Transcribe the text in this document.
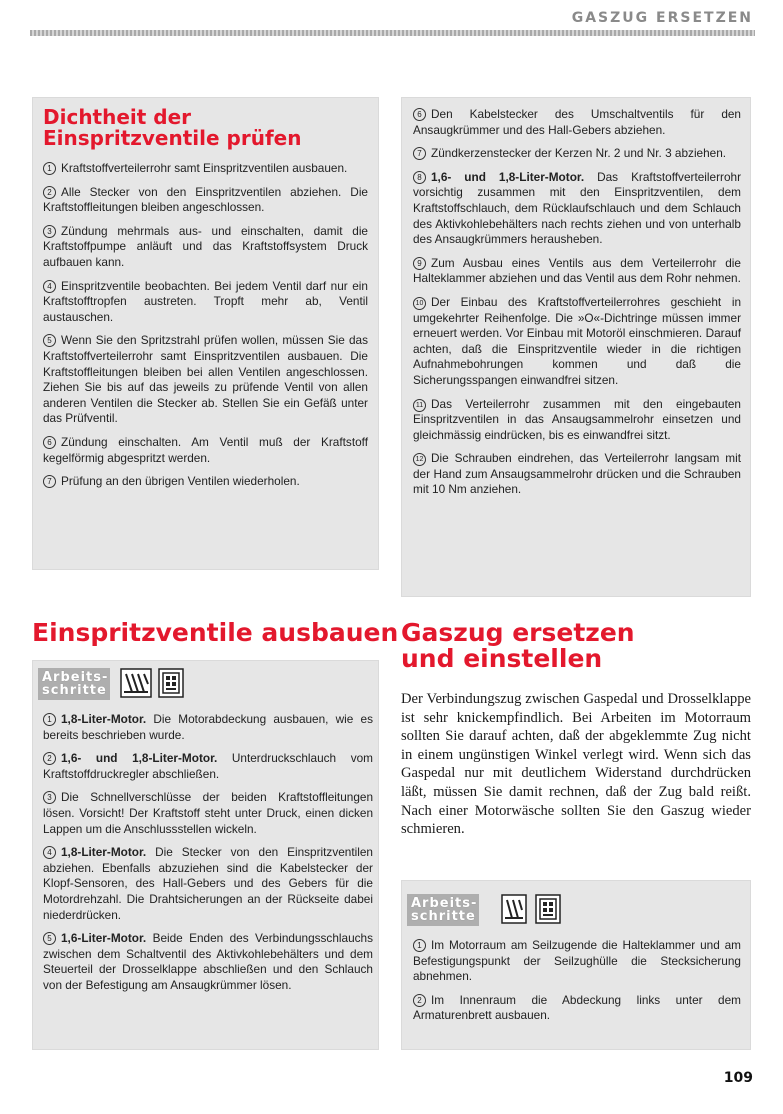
GASZUG ERSETZEN
Dichtheit der Einspritzventile prüfen

1 Kraftstoffverteilerrohr samt Einspritzventilen ausbauen.

2 Alle Stecker von den Einspritzventilen abziehen. Die Kraftstoffleitungen bleiben angeschlossen.

3 Zündung mehrmals aus- und einschalten, damit die Kraftstoffpumpe anläuft und das Kraftstoffsystem Druck aufbauen kann.

4 Einspritzventile beobachten. Bei jedem Ventil darf nur ein Kraftstofftropfen austreten. Tropft mehr ab, Ventil austauschen.

5 Wenn Sie den Spritzstrahl prüfen wollen, müssen Sie das Kraftstoffverteilerrohr samt Einspritzventilen ausbauen. Die Kraftstoffleitungen bleiben bei allen Ventilen angeschlossen. Ziehen Sie bis auf das jeweils zu prüfende Ventil von allen anderen Ventilen die Stecker ab. Stellen Sie ein Gefäß unter das Prüfventil.

6 Zündung einschalten. Am Ventil muß der Kraftstoff kegelförmig abgespritzt werden.

7 Prüfung an den übrigen Ventilen wiederholen.

6 Den Kabelstecker des Umschaltventils für den Ansaugkrümmer und des Hall-Gebers abziehen.

7 Zündkerzenstecker der Kerzen Nr. 2 und Nr. 3 abziehen.

8 1,6- und 1,8-Liter-Motor. Das Kraftstoffverteilerrohr vorsichtig zusammen mit den Einspritzventilen, dem Kraftstoffschlauch, dem Rücklaufschlauch und dem Schlauch des Aktivkohlebehälters nach rechts ziehen und von unterhalb des Ansaugkrümmers herausheben.

9 Zum Ausbau eines Ventils aus dem Verteilerrohr die Halteklammer abziehen und das Ventil aus dem Rohr nehmen.

10 Der Einbau des Kraftstoffverteilerrohres geschieht in umgekehrter Reihenfolge. Die »O«-Dichtringe müssen immer erneuert werden. Vor Einbau mit Motoröl einschmieren. Darauf achten, daß die Einspritzventile wieder in die richtigen Aufnahmebohrungen kommen und daß die Sicherungsspangen einwandfrei sitzen.

11 Das Verteilerrohr zusammen mit den eingebauten Einspritzventilen in das Ansaugsammelrohr einsetzen und gleichmässig eindrücken, bis es einwandfrei sitzt.

12 Die Schrauben eindrehen, das Verteilerrohr langsam mit der Hand zum Ansaugsammelrohr drücken und die Schrauben mit 10 Nm anziehen.

Einspritzventile ausbauen
Arbeits-
schritte

1 1,8-Liter-Motor. Die Motorabdeckung ausbauen, wie es bereits beschrieben wurde.

2 1,6- und 1,8-Liter-Motor. Unterdruckschlauch vom Kraftstoffdruckregler abschließen.

3 Die Schnellverschlüsse der beiden Kraftstoffleitungen lösen. Vorsicht! Der Kraftstoff steht unter Druck, einen dicken Lappen um die Anschlussstellen wickeln.

4 1,8-Liter-Motor. Die Stecker von den Einspritzventilen abziehen. Ebenfalls abzuziehen sind die Kabelstecker der Klopf-Sensoren, des Hall-Gebers und des Gebers für die Motordrehzahl. Die Drahtsicherungen an der Rückseite dabei niederdrücken.

5 1,6-Liter-Motor. Beide Enden des Verbindungsschlauchs zwischen dem Schaltventil des Aktivkohlebehälters und dem Steuerteil der Drosselklappe abschließen und den Schlauch von der Befestigung am Ansaugkrümmer lösen.

Gaszug ersetzen
und einstellen

Der Verbindungszug zwischen Gaspedal und Drosselklappe ist sehr knickempfindlich. Bei Arbeiten im Motorraum sollten Sie darauf achten, daß der abgeklemmte Zug nicht in einem ungünstigen Winkel verlegt wird. Wenn sich das Gaspedal nur mit deutlichem Widerstand durchdrücken läßt, müssen Sie damit rechnen, daß der Zug bald reißt. Nach einer Motorwäsche sollten Sie den Gaszug wieder schmieren.

Arbeits-
schritte

1 Im Motorraum am Seilzugende die Halteklammer und am Befestigungspunkt der Seilzughülle die Stecksicherung abnehmen.

2 Im Innenraum die Abdeckung links unter dem Armaturenbrett ausbauen.

109
